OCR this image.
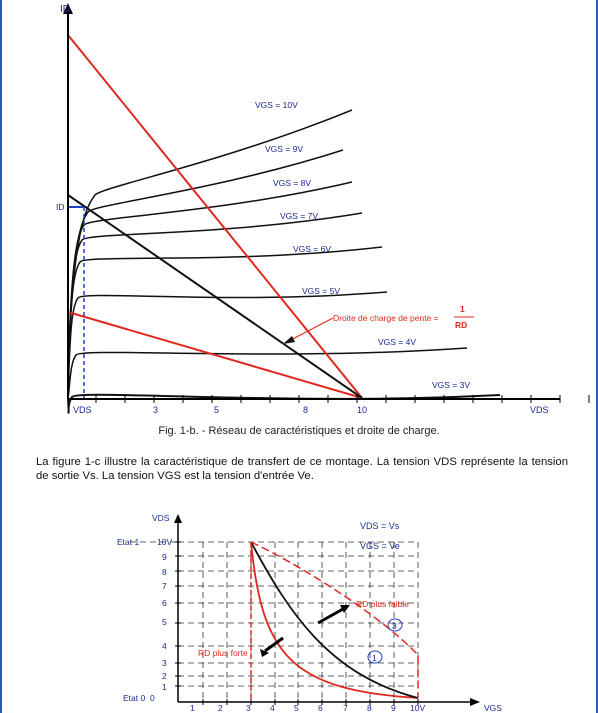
ID
VDS
VDS	3	5	8	10
VGS = 10V
VGS = 9V
VGS = 8V
VGS = 7V
VGS = 6V
VGS = 5V
VGS = 4V
VGS = 3V
ID
Droite de charge de pente =
1
RD
Fig. 1-b. - Réseau de caractéristiques et droite de charge.
La figure 1-c illustre la caractéristique de transfert de ce montage. La tension VDS représente la tension de sortie Vs. La tension VGS est la tension d'entrée Ve.
VDS
VGS
Etat 1
Etat 0 0
10V
9
8
7
6
5
4
3
2
1
1	2	3 4 5 6 7 8 9 10V
VDS = Vs
VGS = Ve
RD plus faible
RD plus forte
3
1
